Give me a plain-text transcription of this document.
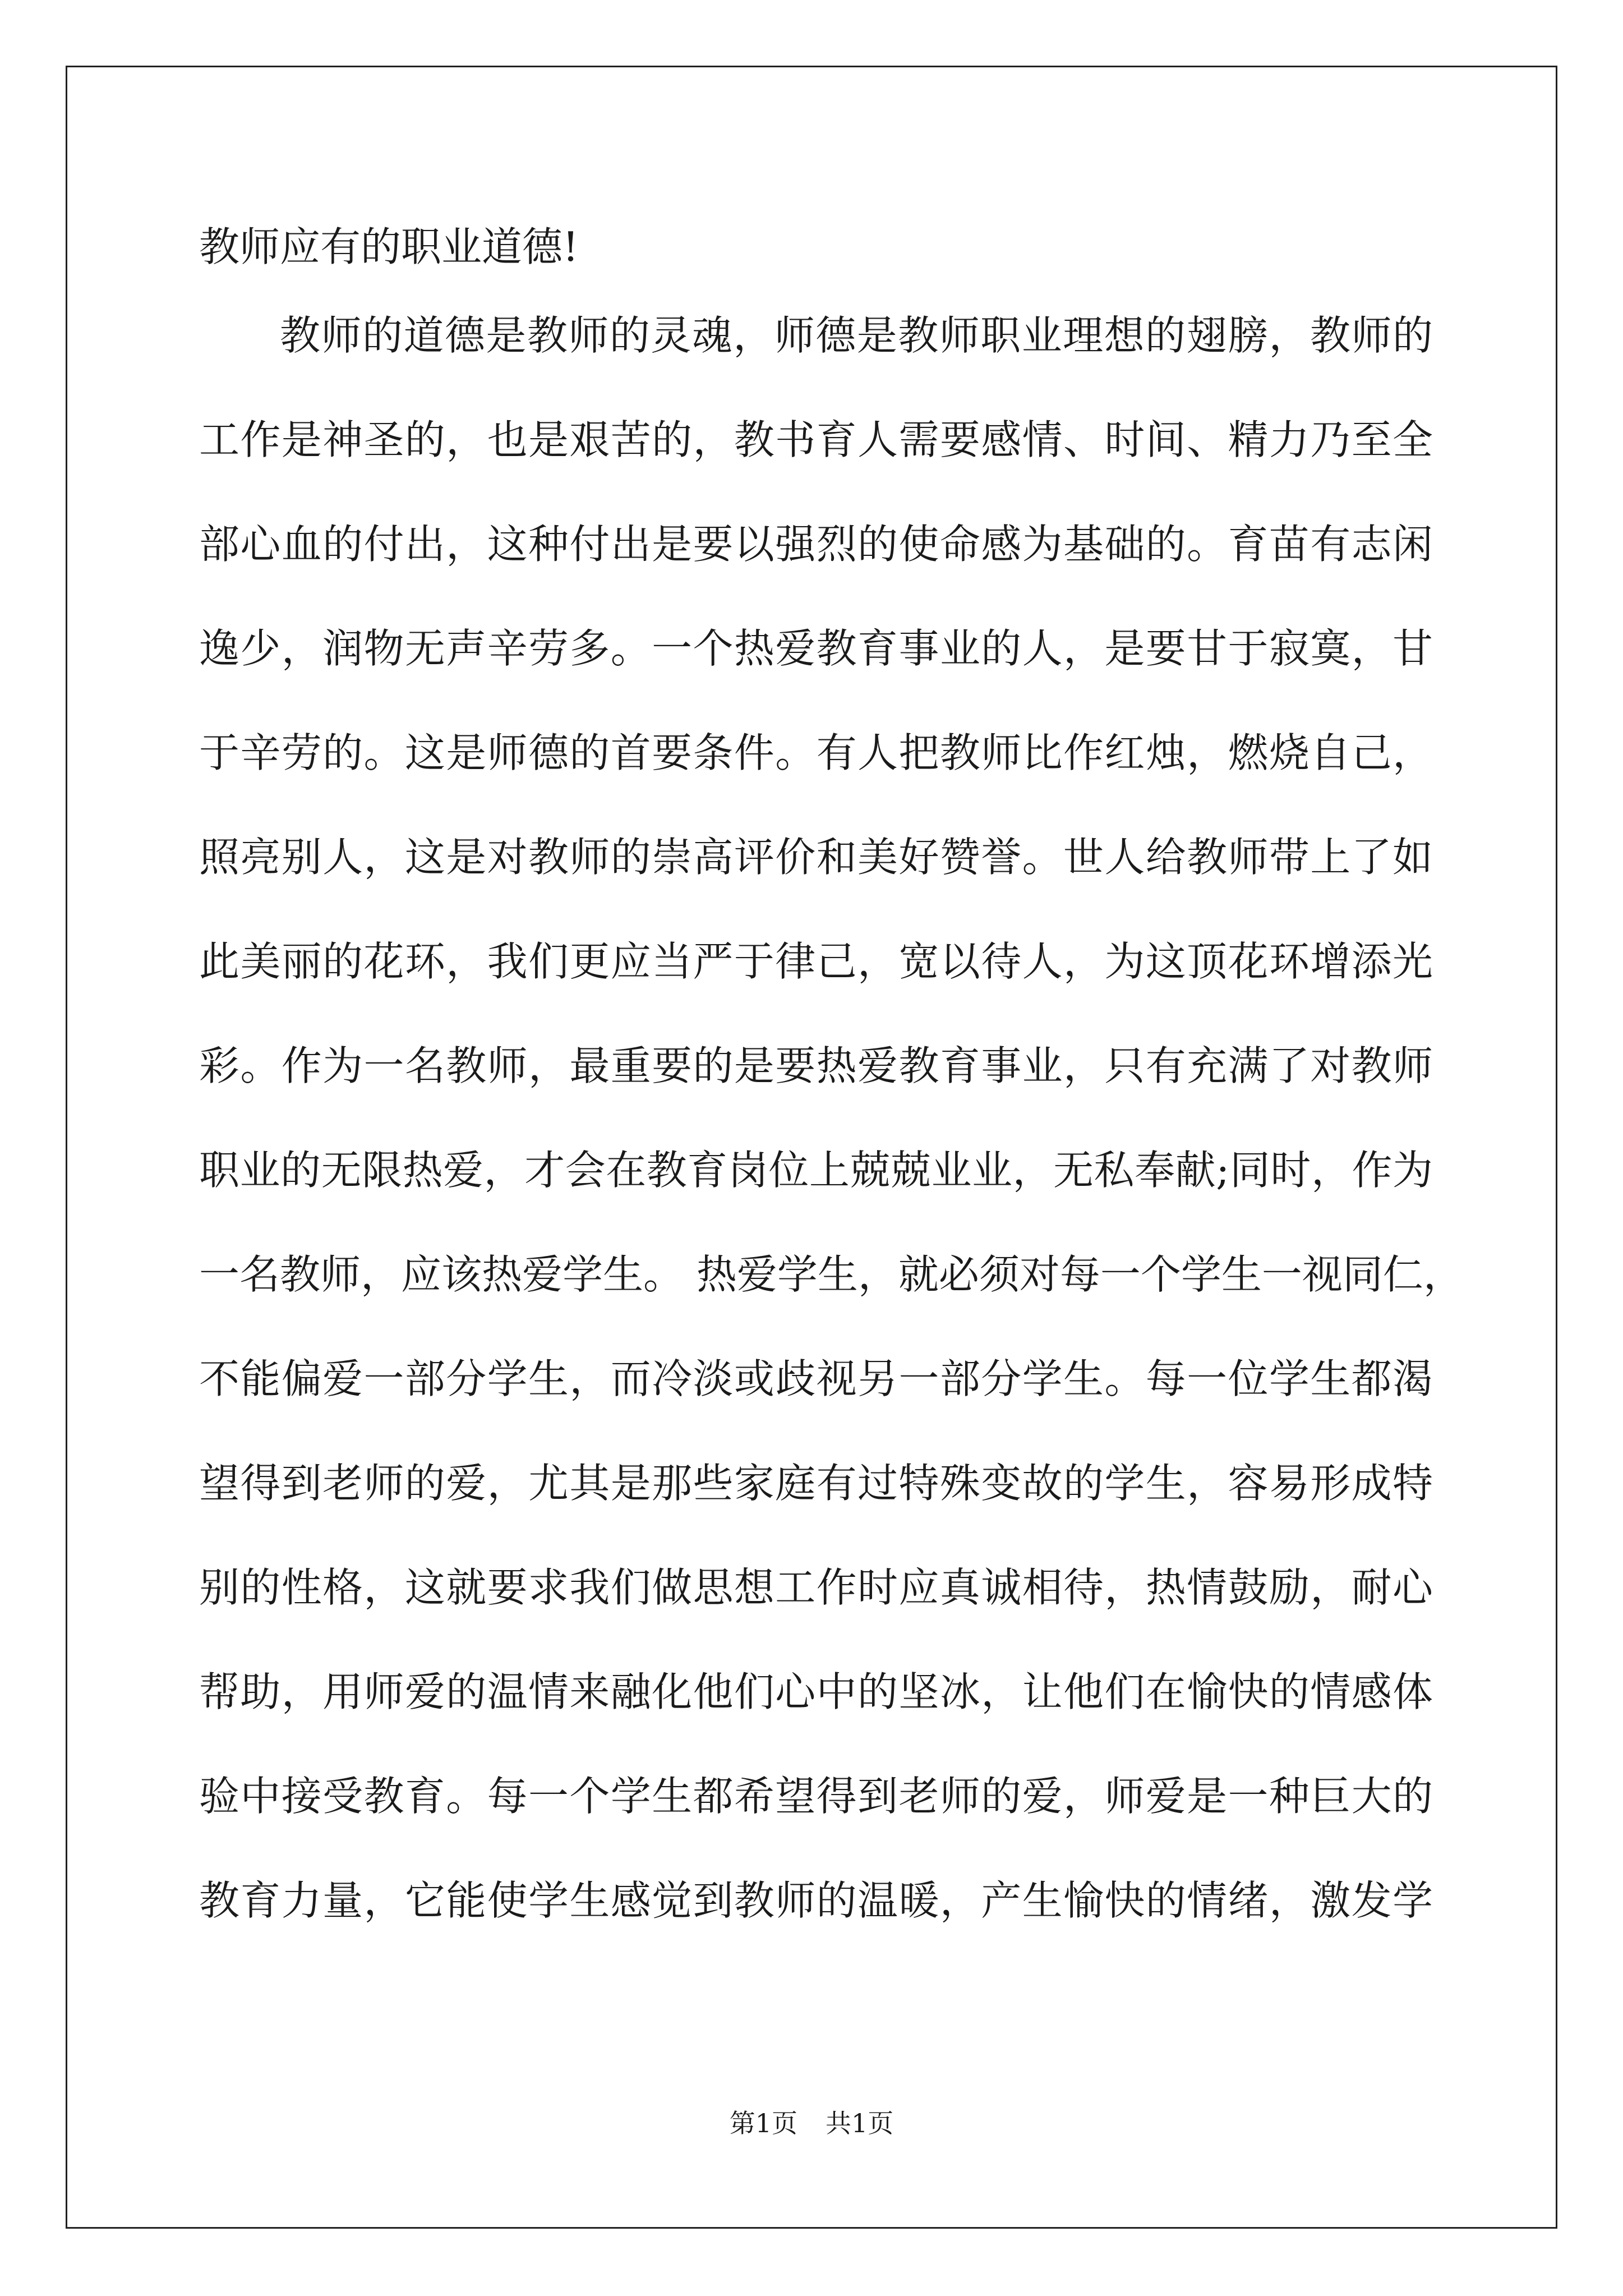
教师应有的职业道德!
教师的道德是教师的灵魂，师德是教师职业理想的翅膀，教师的
工作是神圣的，也是艰苦的，教书育人需要感情、时间、精力乃至全
部心血的付出，这种付出是要以强烈的使命感为基础的。育苗有志闲
逸少，润物无声辛劳多。一个热爱教育事业的人，是要甘于寂寞，甘
于辛劳的。这是师德的首要条件。有人把教师比作红烛，燃烧自己，
照亮别人，这是对教师的崇高评价和美好赞誉。世人给教师带上了如
此美丽的花环，我们更应当严于律己，宽以待人，为这顶花环增添光
彩。作为一名教师，最重要的是要热爱教育事业，只有充满了对教师
职业的无限热爱，才会在教育岗位上兢兢业业，无私奉献;同时，作为
一名教师，应该热爱学生。 热爱学生，就必须对每一个学生一视同仁，
不能偏爱一部分学生，而冷淡或歧视另一部分学生。每一位学生都渴
望得到老师的爱，尤其是那些家庭有过特殊变故的学生，容易形成特
别的性格，这就要求我们做思想工作时应真诚相待，热情鼓励，耐心
帮助，用师爱的温情来融化他们心中的坚冰，让他们在愉快的情感体
验中接受教育。每一个学生都希望得到老师的爱，师爱是一种巨大的
教育力量，它能使学生感觉到教师的温暖，产生愉快的情绪，激发学
第1页 共1页
